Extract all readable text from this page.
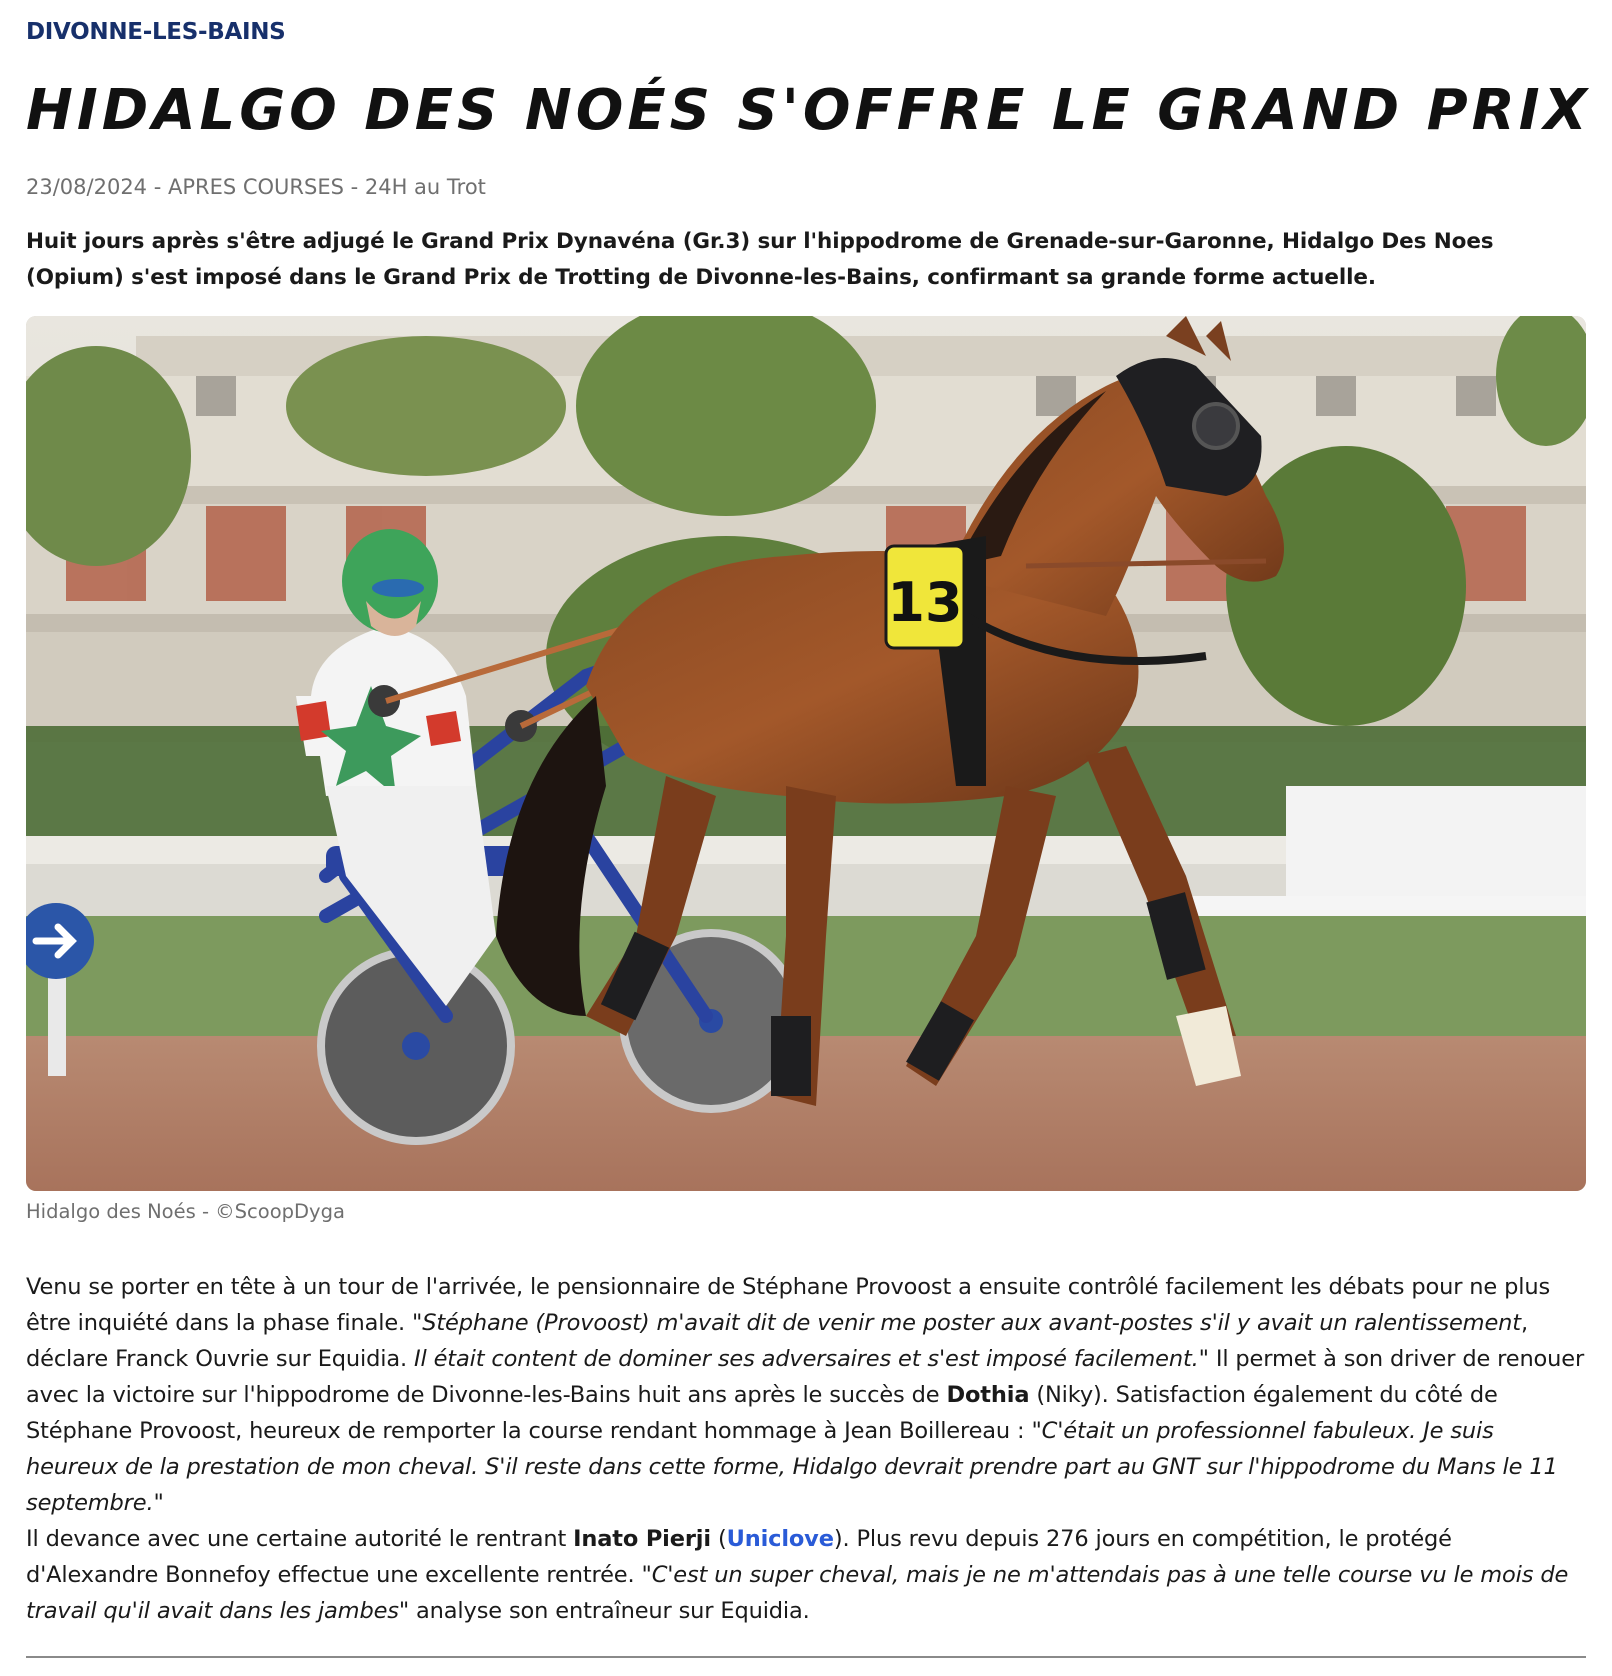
DIVONNE-LES-BAINS
HIDALGO DES NOÉS S'OFFRE LE GRAND PRIX
23/08/2024 - APRES COURSES - 24H au Trot
Huit jours après s'être adjugé le Grand Prix Dynavéna (Gr.3) sur l'hippodrome de Grenade-sur-Garonne, Hidalgo Des Noes (Opium) s'est imposé dans le Grand Prix de Trotting de Divonne-les-Bains, confirmant sa grande forme actuelle.
13
Hidalgo des Noés - ©ScoopDyga

Venu se porter en tête à un tour de l'arrivée, le pensionnaire de Stéphane Provoost a ensuite contrôlé facilement les débats pour ne plus être inquiété dans la phase finale. "Stéphane (Provoost) m'avait dit de venir me poster aux avant-postes s'il y avait un ralentissement, déclare Franck Ouvrie sur Equidia. Il était content de dominer ses adversaires et s'est imposé facilement." Il permet à son driver de renouer avec la victoire sur l'hippodrome de Divonne-les-Bains huit ans après le succès de Dothia (Niky). Satisfaction également du côté de Stéphane Provoost, heureux de remporter la course rendant hommage à Jean Boillereau : "C'était un professionnel fabuleux. Je suis heureux de la prestation de mon cheval. S'il reste dans cette forme, Hidalgo devrait prendre part au GNT sur l'hippodrome du Mans le 11 septembre."

Il devance avec une certaine autorité le rentrant Inato Pierji (Uniclove). Plus revu depuis 276 jours en compétition, le protégé d'Alexandre Bonnefoy effectue une excellente rentrée. "C'est un super cheval, mais je ne m'attendais pas à une telle course vu le mois de travail qu'il avait dans les jambes" analyse son entraîneur sur Equidia.
